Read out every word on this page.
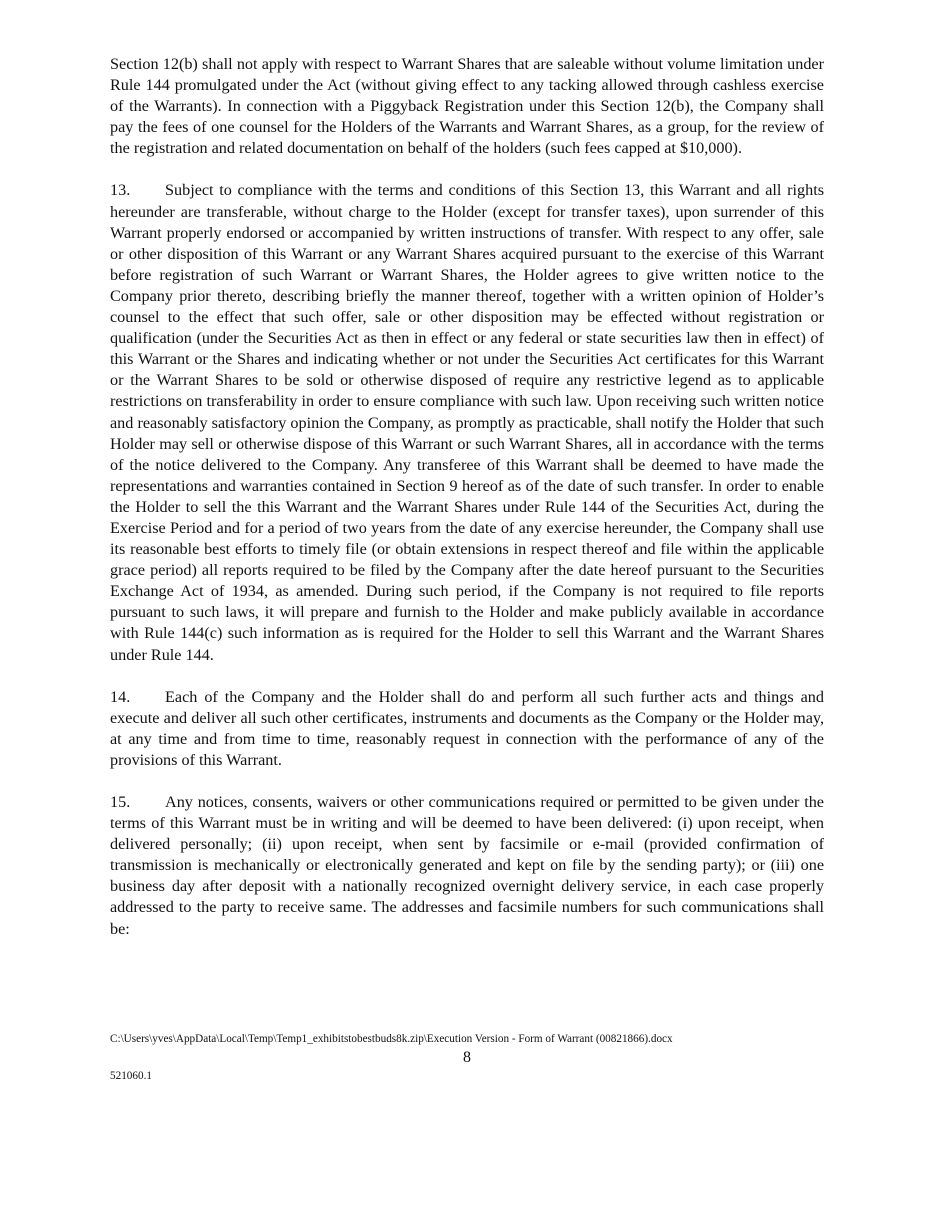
Section 12(b) shall not apply with respect to Warrant Shares that are saleable without volume limitation under Rule 144 promulgated under the Act (without giving effect to any tacking allowed through cashless exercise of the Warrants). In connection with a Piggyback Registration under this Section 12(b), the Company shall pay the fees of one counsel for the Holders of the Warrants and Warrant Shares, as a group, for the review of the registration and related documentation on behalf of the holders (such fees capped at $10,000).

13. Subject to compliance with the terms and conditions of this Section 13, this Warrant and all rights hereunder are transferable, without charge to the Holder (except for transfer taxes), upon surrender of this Warrant properly endorsed or accompanied by written instructions of transfer. With respect to any offer, sale or other disposition of this Warrant or any Warrant Shares acquired pursuant to the exercise of this Warrant before registration of such Warrant or Warrant Shares, the Holder agrees to give written notice to the Company prior thereto, describing briefly the manner thereof, together with a written opinion of Holder’s counsel to the effect that such offer, sale or other disposition may be effected without registration or qualification (under the Securities Act as then in effect or any federal or state securities law then in effect) of this Warrant or the Shares and indicating whether or not under the Securities Act certificates for this Warrant or the Warrant Shares to be sold or otherwise disposed of require any restrictive legend as to applicable restrictions on transferability in order to ensure compliance with such law. Upon receiving such written notice and reasonably satisfactory opinion the Company, as promptly as practicable, shall notify the Holder that such Holder may sell or otherwise dispose of this Warrant or such Warrant Shares, all in accordance with the terms of the notice delivered to the Company. Any transferee of this Warrant shall be deemed to have made the representations and warranties contained in Section 9 hereof as of the date of such transfer. In order to enable the Holder to sell the this Warrant and the Warrant Shares under Rule 144 of the Securities Act, during the Exercise Period and for a period of two years from the date of any exercise hereunder, the Company shall use its reasonable best efforts to timely file (or obtain extensions in respect thereof and file within the applicable grace period) all reports required to be filed by the Company after the date hereof pursuant to the Securities Exchange Act of 1934, as amended. During such period, if the Company is not required to file reports pursuant to such laws, it will prepare and furnish to the Holder and make publicly available in accordance with Rule 144(c) such information as is required for the Holder to sell this Warrant and the Warrant Shares under Rule 144.

14. Each of the Company and the Holder shall do and perform all such further acts and things and execute and deliver all such other certificates, instruments and documents as the Company or the Holder may, at any time and from time to time, reasonably request in connection with the performance of any of the provisions of this Warrant.

15. Any notices, consents, waivers or other communications required or permitted to be given under the terms of this Warrant must be in writing and will be deemed to have been delivered: (i) upon receipt, when delivered personally; (ii) upon receipt, when sent by facsimile or e-mail (provided confirmation of transmission is mechanically or electronically generated and kept on file by the sending party); or (iii) one business day after deposit with a nationally recognized overnight delivery service, in each case properly addressed to the party to receive same. The addresses and facsimile numbers for such communications shall be:

C:\Users\yves\AppData\Local\Temp\Temp1_exhibitstobestbuds8k.zip\Execution Version - Form of Warrant (00821866).docx
8
521060.1
